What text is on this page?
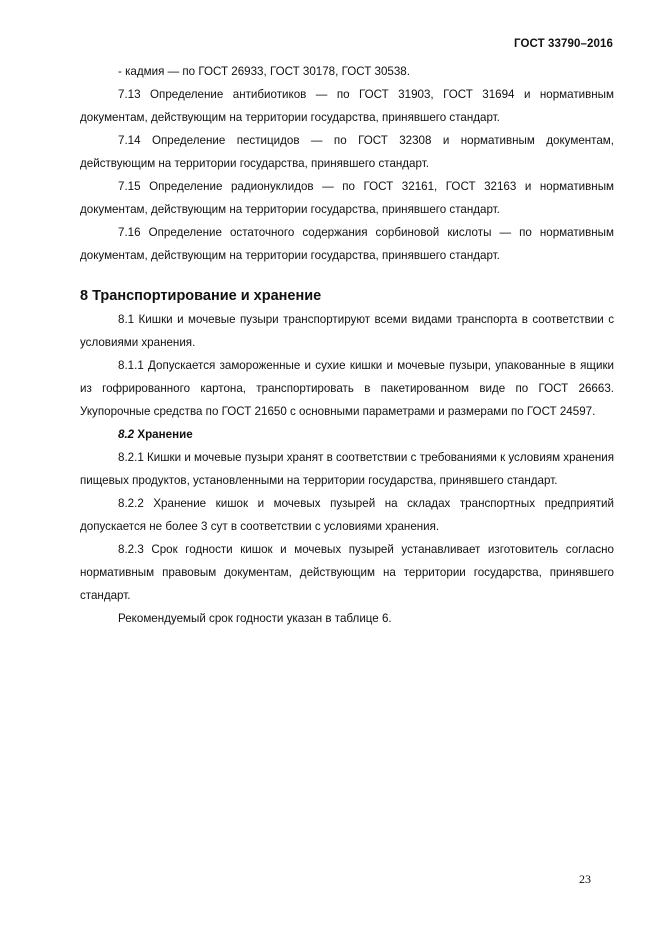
ГОСТ 33790–2016

- кадмия — по ГОСТ 26933, ГОСТ 30178, ГОСТ 30538.

7.13 Определение антибиотиков — по ГОСТ 31903, ГОСТ 31694 и нормативным документам, действующим на территории государства, принявшего стандарт.

7.14 Определение пестицидов — по ГОСТ 32308 и нормативным документам, действующим на территории государства, принявшего стандарт.

7.15 Определение радионуклидов — по ГОСТ 32161, ГОСТ 32163 и нормативным документам, действующим на территории государства, принявшего стандарт.

7.16 Определение остаточного содержания сорбиновой кислоты — по нормативным документам, действующим на территории государства, принявшего стандарт.

8 Транспортирование и хранение

8.1 Кишки и мочевые пузыри транспортируют всеми видами транспорта в соответствии с условиями хранения.

8.1.1 Допускается замороженные и сухие кишки и мочевые пузыри, упакованные в ящики из гофрированного картона, транспортировать в пакетированном виде по ГОСТ 26663. Укупорочные средства по ГОСТ 21650 с основными параметрами и размерами по ГОСТ 24597.

8.2 Хранение

8.2.1 Кишки и мочевые пузыри хранят в соответствии с требованиями к условиям хранения пищевых продуктов, установленными на территории государства, принявшего стандарт.

8.2.2 Хранение кишок и мочевых пузырей на складах транспортных предприятий допускается не более 3 сут в соответствии с условиями хранения.

8.2.3 Срок годности кишок и мочевых пузырей устанавливает изготовитель согласно нормативным правовым документам, действующим на территории государства, принявшего стандарт.

Рекомендуемый срок годности указан в таблице 6.

23
